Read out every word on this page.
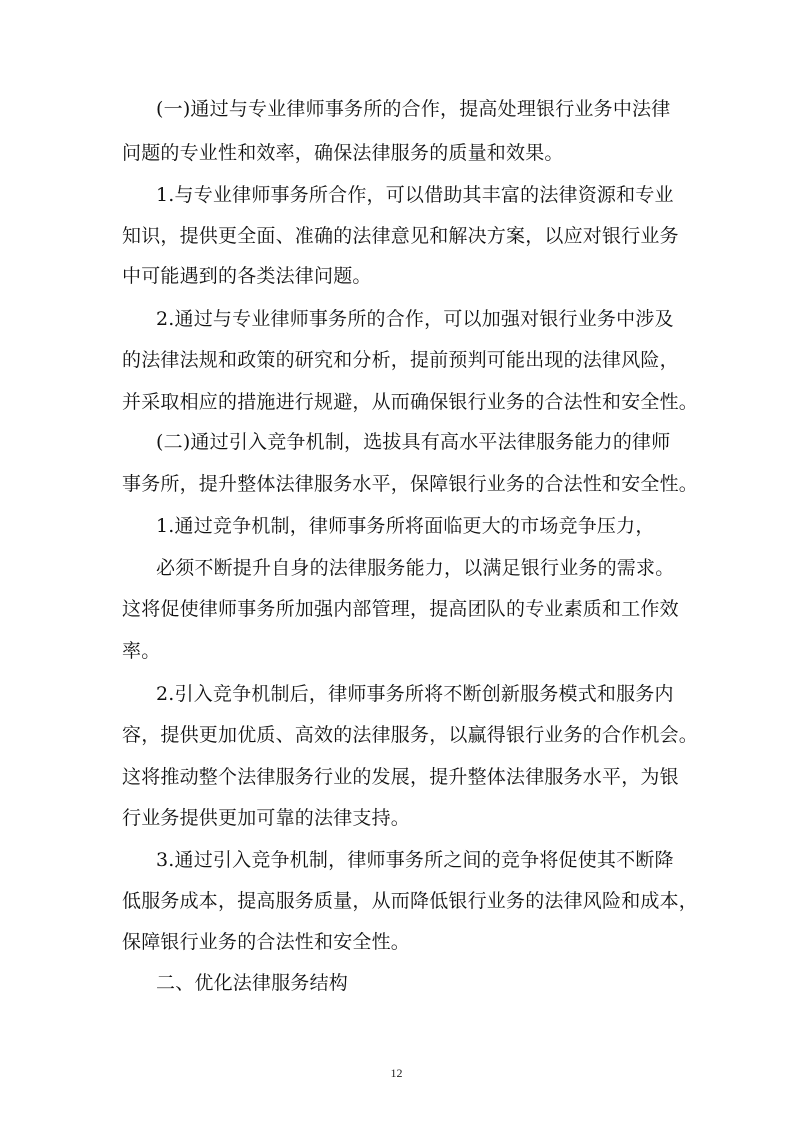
(一)通过与专业律师事务所的合作，提高处理银行业务中法律
问题的专业性和效率，确保法律服务的质量和效果。
1.与专业律师事务所合作，可以借助其丰富的法律资源和专业
知识，提供更全面、准确的法律意见和解决方案，以应对银行业务
中可能遇到的各类法律问题。
2.通过与专业律师事务所的合作，可以加强对银行业务中涉及
的法律法规和政策的研究和分析，提前预判可能出现的法律风险，
并采取相应的措施进行规避，从而确保银行业务的合法性和安全性。
(二)通过引入竞争机制，选拔具有高水平法律服务能力的律师
事务所，提升整体法律服务水平，保障银行业务的合法性和安全性。
1.通过竞争机制，律师事务所将面临更大的市场竞争压力，
必须不断提升自身的法律服务能力，以满足银行业务的需求。
这将促使律师事务所加强内部管理，提高团队的专业素质和工作效
率。
2.引入竞争机制后，律师事务所将不断创新服务模式和服务内
容，提供更加优质、高效的法律服务，以赢得银行业务的合作机会。
这将推动整个法律服务行业的发展，提升整体法律服务水平，为银
行业务提供更加可靠的法律支持。
3.通过引入竞争机制，律师事务所之间的竞争将促使其不断降
低服务成本，提高服务质量，从而降低银行业务的法律风险和成本，
保障银行业务的合法性和安全性。
二、优化法律服务结构
12
